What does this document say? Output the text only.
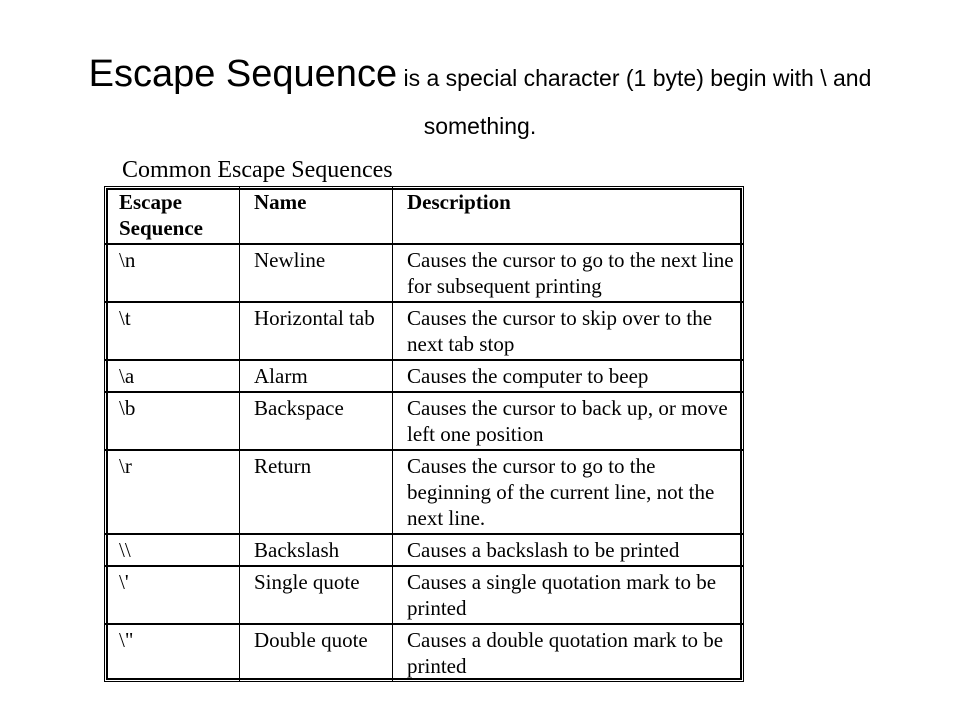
Escape Sequence is a special character (1 byte) begin with \ and something.
Common Escape Sequences
Escape Sequence	Name	Description
\n	Newline	Causes the cursor to go to the next line for subsequent printing
\t	Horizontal tab	Causes the cursor to skip over to the next tab stop
\a	Alarm	Causes the computer to beep
\b	Backspace	Causes the cursor to back up, or move left one position
\r	Return	Causes the cursor to go to the beginning of the current line, not the next line.
\\	Backslash	Causes a backslash to be printed
\'	Single quote	Causes a single quotation mark to be printed
\"	Double quote	Causes a double quotation mark to be printed
